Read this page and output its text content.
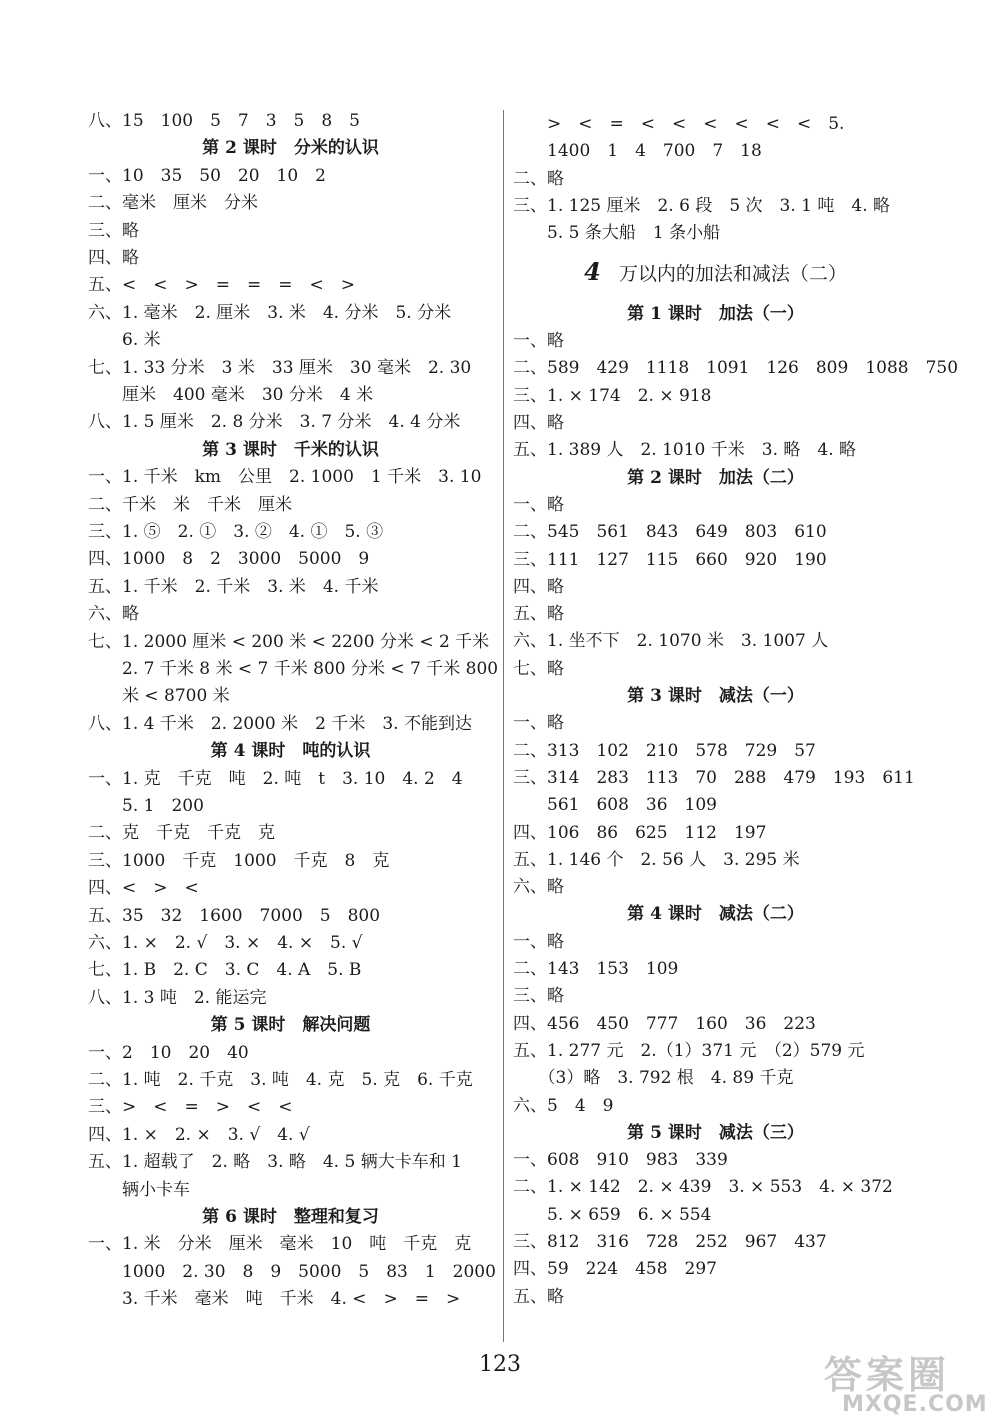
八、15　100　5　7　3　5　8　5
第 2 课时　分米的认识
一、10　35　50　20　10　2
二、毫米　厘米　分米
三、略
四、略
五、<　<　>　=　=　=　<　>
六、1. 毫米　2. 厘米　3. 米　4. 分米　5. 分米
　　6. 米
七、1. 33 分米　3 米　33 厘米　30 毫米　2. 30
　　厘米　400 毫米　30 分米　4 米
八、1. 5 厘米　2. 8 分米　3. 7 分米　4. 4 分米
第 3 课时　千米的认识
一、1. 千米　km　公里　2. 1000　1 千米　3. 10
二、千米　米　千米　厘米
三、1. ⑤　2. ①　3. ②　4. ①　5. ③
四、1000　8　2　3000　5000　9
五、1. 千米　2. 千米　3. 米　4. 千米
六、略
七、1. 2000 厘米 < 200 米 < 2200 分米 < 2 千米
　　2. 7 千米 8 米 < 7 千米 800 分米 < 7 千米 800
　　米 < 8700 米
八、1. 4 千米　2. 2000 米　2 千米　3. 不能到达
第 4 课时　吨的认识
一、1. 克　千克　吨　2. 吨　t　3. 10　4. 2　4
　　5. 1　200
二、克　千克　千克　克
三、1000　千克　1000　千克　8　克
四、<　>　<
五、35　32　1600　7000　5　800
六、1. ×　2. √　3. ×　4. ×　5. √
七、1. B　2. C　3. C　4. A　5. B
八、1. 3 吨　2. 能运完
第 5 课时　解决问题
一、2　10　20　40
二、1. 吨　2. 千克　3. 吨　4. 克　5. 克　6. 千克
三、>　<　=　>　<　<
四、1. ×　2. ×　3. √　4. √
五、1. 超载了　2. 略　3. 略　4. 5 辆大卡车和 1
　　辆小卡车
第 6 课时　整理和复习
一、1. 米　分米　厘米　毫米　10　吨　千克　克
　　1000　2. 30　8　9　5000　5　83　1　2000
　　3. 千米　毫米　吨　千米　4. <　>　=　>
　　>　<　=　<　<　<　<　<　<　5.
　　1400　1　4　700　7　18
二、略
三、1. 125 厘米　2. 6 段　5 次　3. 1 吨　4. 略
　　5. 5 条大船　1 条小船
4 万以内的加法和减法（二）
第 1 课时　加法（一）
一、略
二、589　429　1118　1091　126　809　1088　750
三、1. × 174　2. × 918
四、略
五、1. 389 人　2. 1010 千米　3. 略　4. 略
第 2 课时　加法（二）
一、略
二、545　561　843　649　803　610
三、111　127　115　660　920　190
四、略
五、略
六、1. 坐不下　2. 1070 米　3. 1007 人
七、略
第 3 课时　减法（一）
一、略
二、313　102　210　578　729　57
三、314　283　113　70　288　479　193　611
　　561　608　36　109
四、106　86　625　112　197
五、1. 146 个　2. 56 人　3. 295 米
六、略
第 4 课时　减法（二）
一、略
二、143　153　109
三、略
四、456　450　777　160　36　223
五、1. 277 元　2.（1）371 元　（2）579 元
　　（3）略　3. 792 根　4. 89 千克
六、5　4　9
第 5 课时　减法（三）
一、608　910　983　339
二、1. × 142　2. × 439　3. × 553　4. × 372
　　5. × 659　6. × 554
三、812　316　728　252　967　437
四、59　224　458　297
五、略
123	答案圈
MXQE.COM
